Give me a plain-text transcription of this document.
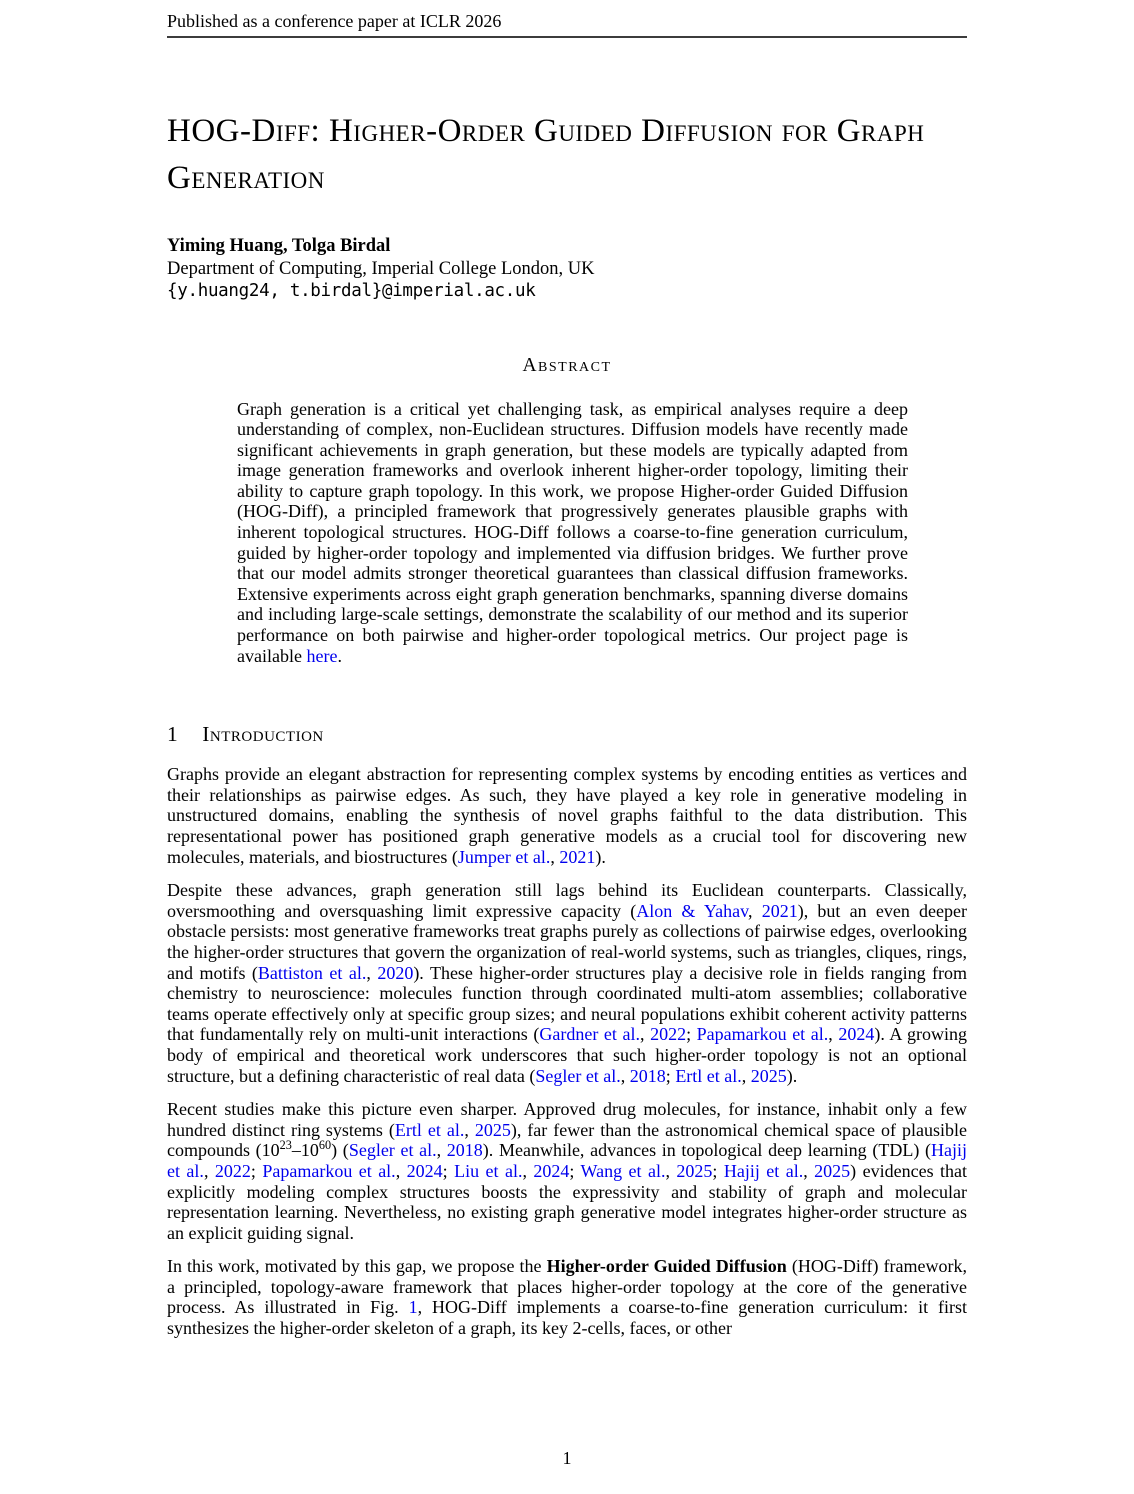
Published as a conference paper at ICLR 2026
HOG-Diff: Higher-Order Guided Diffusion for Graph Generation
Yiming Huang, Tolga Birdal
Department of Computing, Imperial College London, UK
{y.huang24, t.birdal}@imperial.ac.uk
Abstract
Graph generation is a critical yet challenging task, as empirical analyses require a deep understanding of complex, non-Euclidean structures. Diffusion models have recently made significant achievements in graph generation, but these models are typically adapted from image generation frameworks and overlook inherent higher-order topology, limiting their ability to capture graph topology. In this work, we propose Higher-order Guided Diffusion (HOG-Diff), a principled framework that progressively generates plausible graphs with inherent topological structures. HOG-Diff follows a coarse-to-fine generation curriculum, guided by higher-order topology and implemented via diffusion bridges. We further prove that our model admits stronger theoretical guarantees than classical diffusion frameworks. Extensive experiments across eight graph generation benchmarks, spanning diverse domains and including large-scale settings, demonstrate the scalability of our method and its superior performance on both pairwise and higher-order topological metrics. Our project page is available here.
1 Introduction

Graphs provide an elegant abstraction for representing complex systems by encoding entities as vertices and their relationships as pairwise edges. As such, they have played a key role in generative modeling in unstructured domains, enabling the synthesis of novel graphs faithful to the data distribution. This representational power has positioned graph generative models as a crucial tool for discovering new molecules, materials, and biostructures (Jumper et al., 2021).

Despite these advances, graph generation still lags behind its Euclidean counterparts. Classically, oversmoothing and oversquashing limit expressive capacity (Alon & Yahav, 2021), but an even deeper obstacle persists: most generative frameworks treat graphs purely as collections of pairwise edges, overlooking the higher-order structures that govern the organization of real-world systems, such as triangles, cliques, rings, and motifs (Battiston et al., 2020). These higher-order structures play a decisive role in fields ranging from chemistry to neuroscience: molecules function through coordinated multi-atom assemblies; collaborative teams operate effectively only at specific group sizes; and neural populations exhibit coherent activity patterns that fundamentally rely on multi-unit interactions (Gardner et al., 2022; Papamarkou et al., 2024). A growing body of empirical and theoretical work underscores that such higher-order topology is not an optional structure, but a defining characteristic of real data (Segler et al., 2018; Ertl et al., 2025).

Recent studies make this picture even sharper. Approved drug molecules, for instance, inhabit only a few hundred distinct ring systems (Ertl et al., 2025), far fewer than the astronomical chemical space of plausible compounds $(10^{23}-10^{60})$ (Segler et al., 2018). Meanwhile, advances in topological deep learning (TDL) (Hajij et al., 2022; Papamarkou et al., 2024; Liu et al., 2024; Wang et al., 2025; Hajij et al., 2025) evidences that explicitly modeling complex structures boosts the expressivity and stability of graph and molecular representation learning. Nevertheless, no existing graph generative model integrates higher-order structure as an explicit guiding signal.

In this work, motivated by this gap, we propose the Higher-order Guided Diffusion (HOG-Diff) framework, a principled, topology-aware framework that places higher-order topology at the core of the generative process. As illustrated in Fig. 1, HOG-Diff implements a coarse-to-fine generation curriculum: it first synthesizes the higher-order skeleton of a graph, its key 2-cells, faces, or other

1
